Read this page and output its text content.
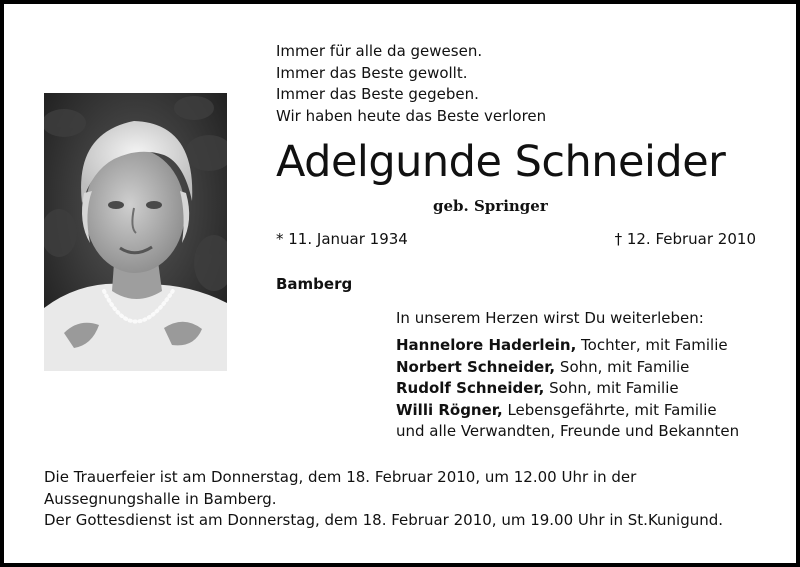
Immer für alle da gewesen.
Immer das Beste gewollt.
Immer das Beste gegeben.
Wir haben heute das Beste verloren
Adelgunde Schneider
geb. Springer
* 11. Januar 1934	† 12. Februar 2010
Bamberg
In unserem Herzen wirst Du weiterleben:
Hannelore Haderlein, Tochter, mit Familie
Norbert Schneider, Sohn, mit Familie
Rudolf Schneider, Sohn, mit Familie
Willi Rögner, Lebensgefährte, mit Familie
und alle Verwandten, Freunde und Bekannten
Die Trauerfeier ist am Donnerstag, dem 18. Februar 2010, um 12.00 Uhr in der
Aussegnungshalle in Bamberg.
Der Gottesdienst ist am Donnerstag, dem 18. Februar 2010, um 19.00 Uhr in St.Kunigund.
